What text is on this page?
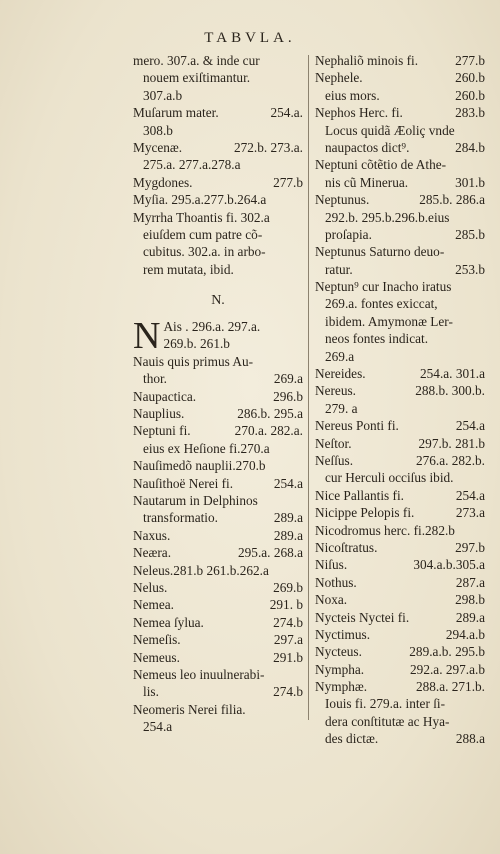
TABVLA.
mero. 307.a. & inde cur
nouem exiſtimantur.
307.a.b
254.a.
Muſarum mater.
308.b
272.b. 273.a.
Mycenæ.
275.a. 277.a.278.a
277.b
Mygdones.
Myſia. 295.a.277.b.264.a
Myrrha Thoantis fi. 302.a
eiuſdem cum patre cõ-
cubitus. 302.a. in arbo-
rem mutata, ibid.
N.
N Ais . 296.a. 297.a.
269.b. 261.b
Nauis quis primus Au-
269.a
thor.
296.b
Naupactica.
286.b. 295.a
Nauplius.
270.a. 282.a.
Neptuni fi.
eius ex Heſione fi.270.a
Nauſimedõ nauplii.270.b
254.a
Nauſithoë Nerei fi.
Nautarum in Delphinos
289.a
transformatio.
289.a
Naxus.
295.a. 268.a
Neæra.
Neleus.281.b 261.b.262.a
269.b
Nelus.
291. b
Nemea.
274.b
Nemea ſylua.
297.a
Nemeſis.
291.b
Nemeus.
Nemeus leo inuulnerabi-
274.b
lis.
Neomeris Nerei filia.
254.a
277.b
Nephaliõ minois fi.
260.b
Nephele.
260.b
eius mors.
283.b
Nephos Herc. fi.
Locus quidã Æoliç vnde
284.b
naupactos dict⁹.
Neptuni cõtẽtio de Athe-
301.b
nis cũ Minerua.
285.b. 286.a
Neptunus.
292.b. 295.b.296.b.eius
285.b
proſapia.
Neptunus Saturno deuo-
253.b
ratur.
Neptun⁹ cur Inacho iratus
269.a. fontes exiccat,
ibidem. Amymonæ Ler-
neos fontes indicat.
269.a
254.a. 301.a
Nereides.
288.b. 300.b.
Nereus.
279. a
254.a
Nereus Ponti fi.
297.b. 281.b
Neſtor.
276.a. 282.b.
Neſſus.
cur Herculi occiſus ibid.
254.a
Nice Pallantis fi.
273.a
Nicippe Pelopis fi.
Nicodromus herc. fi.282.b
297.b
Nicoſtratus.
304.a.b.305.a
Niſus.
287.a
Nothus.
298.b
Noxa.
289.a
Nycteis Nyctei fi.
294.a.b
Nyctimus.
289.a.b. 295.b
Nycteus.
292.a. 297.a.b
Nympha.
288.a. 271.b.
Nymphæ.
Iouis fi. 279.a. inter ſi-
dera conſtitutæ ac Hya-
288.a
des dictæ.
